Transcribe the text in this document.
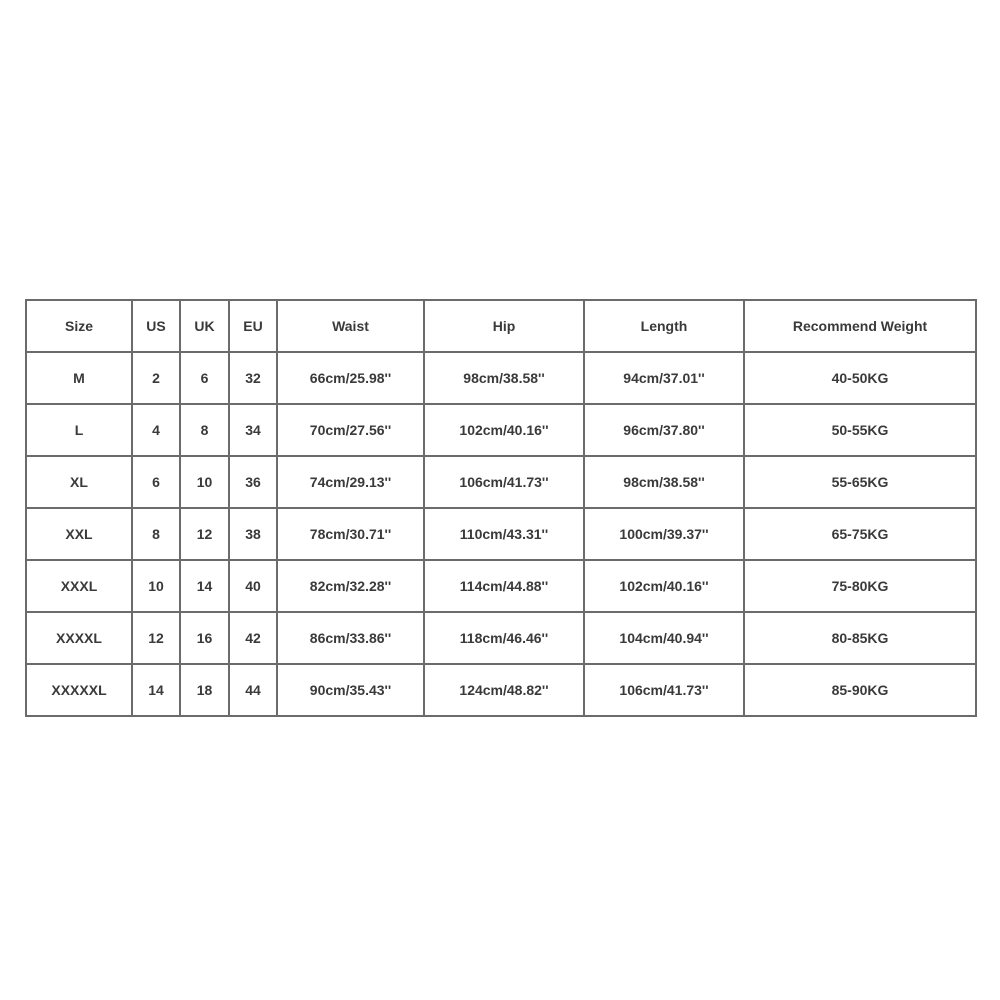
Size	US	UK	EU	Waist	Hip	Length	Recommend Weight
M	2	6	32	66cm/25.98''	98cm/38.58''	94cm/37.01''	40-50KG
L	4	8	34	70cm/27.56''	102cm/40.16''	96cm/37.80''	50-55KG
XL	6	10	36	74cm/29.13''	106cm/41.73''	98cm/38.58''	55-65KG
XXL	8	12	38	78cm/30.71''	110cm/43.31''	100cm/39.37''	65-75KG
XXXL	10	14	40	82cm/32.28''	114cm/44.88''	102cm/40.16''	75-80KG
XXXXL	12	16	42	86cm/33.86''	118cm/46.46''	104cm/40.94''	80-85KG
XXXXXL	14	18	44	90cm/35.43''	124cm/48.82''	106cm/41.73''	85-90KG
